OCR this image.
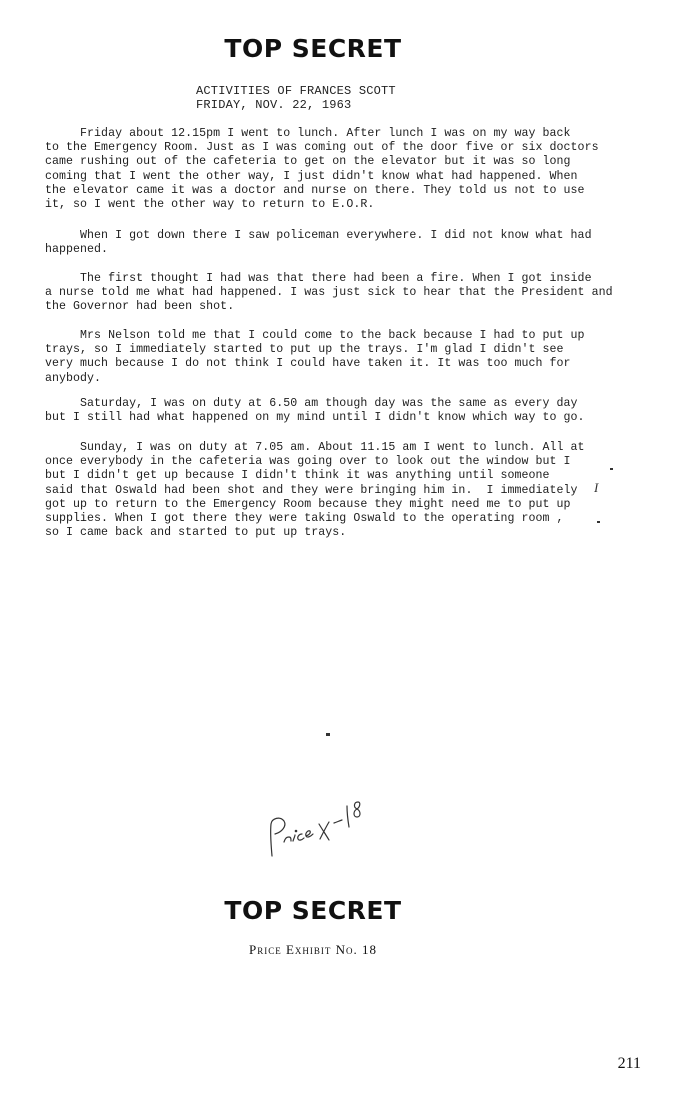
TOP SECRET
ACTIVITIES OF FRANCES SCOTT
FRIDAY, NOV. 22, 1963
Friday about 12.15pm I went to lunch. After lunch I was on my way back
to the Emergency Room. Just as I was coming out of the door five or six doctors
came rushing out of the cafeteria to get on the elevator but it was so long
coming that I went the other way, I just didn't know what had happened. When
the elevator came it was a doctor and nurse on there. They told us not to use
it, so I went the other way to return to E.O.R.
When I got down there I saw policeman everywhere. I did not know what had
happened.
The first thought I had was that there had been a fire. When I got inside
a nurse told me what had happened. I was just sick to hear that the President and
the Governor had been shot.
Mrs Nelson told me that I could come to the back because I had to put up
trays, so I immediately started to put up the trays. I'm glad I didn't see
very much because I do not think I could have taken it. It was too much for
anybody.
Saturday, I was on duty at 6.50 am though day was the same as every day
but I still had what happened on my mind until I didn't know which way to go.
Sunday, I was on duty at 7.05 am. About 11.15 am I went to lunch. All at
once everybody in the cafeteria was going over to look out the window but I
but I didn't get up because I didn't think it was anything until someone
said that Oswald had been shot and they were bringing him in.  I immediately
got up to return to the Emergency Room because they might need me to put up
supplies. When I got there they were taking Oswald to the operating room ,
so I came back and started to put up trays.
I
TOP SECRET
Price Exhibit No. 18
211
